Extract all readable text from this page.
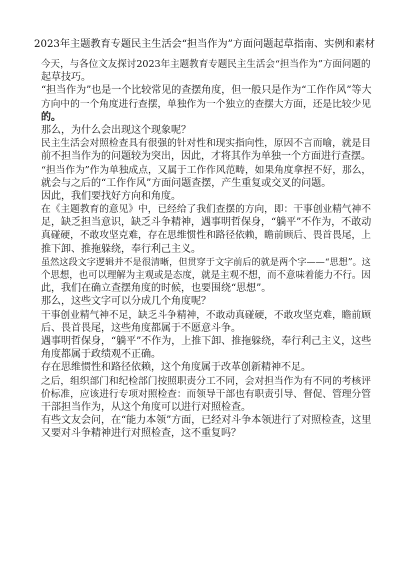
2023年主题教育专题民主生活会“担当作为”方面问题起草指南、实例和素材
今天，与各位文友探讨2023年主题教育专题民主生活会“担当作为”方面问题的
起草技巧。
“担当作为”也是一个比较常见的查摆角度，但一般只是作为“工作作风”等大
方向中的一个角度进行查摆，单独作为一个独立的查摆大方面，还是比较少见
的。
那么，为什么会出现这个现象呢？
民主生活会对照检查具有很强的针对性和现实指向性，原因不言而喻，就是目
前不担当作为的问题较为突出，因此，才将其作为单独一个方面进行查摆。
“担当作为”作为单独成点，又属于工作作风范畴，如果角度拿捏不好，那么，
就会与之后的“工作作风”方面问题查摆，产生重复或交叉的问题。
因此，我们要找好方向和角度。
在《主题教育的意见》中，已经给了我们查摆的方向，即：干事创业精气神不
足，缺乏担当意识，缺乏斗争精神，遇事明哲保身，“躺平”不作为，不敢动
真碰硬，不敢攻坚克难，存在思维惯性和路径依赖，瞻前顾后、畏首畏尾，上
推下卸、推拖躲绕，奉行利己主义。
虽然这段文字逻辑并不是很清晰，但贯穿于文字前后的就是两个字——“思想”。这
个思想，也可以理解为主观或是态度，就是主观不想，而不意味着能力不行。因
此，我们在确立查摆角度的时候，也要围绕“思想”。
那么，这些文字可以分成几个角度呢？
干事创业精气神不足，缺乏斗争精神，不敢动真碰硬，不敢攻坚克难，瞻前顾
后、畏首畏尾，这些角度都属于不愿意斗争。
遇事明哲保身，“躺平”不作为，上推下卸、推拖躲绕，奉行利己主义，这些
角度都属于政绩观不正确。
存在思维惯性和路径依赖，这个角度属于改革创新精神不足。
之后，组织部门和纪检部门按照职责分工不同，会对担当作为有不同的考核评
价标准，应该进行专项对照检查：而领导干部也有职责引导、督促、管理分管
干部担当作为，从这个角度可以进行对照检查。
有些文友会问，在“能力本领”方面，已经对斗争本领进行了对照检查，这里
又要对斗争精神进行对照检查，这不重复吗？
